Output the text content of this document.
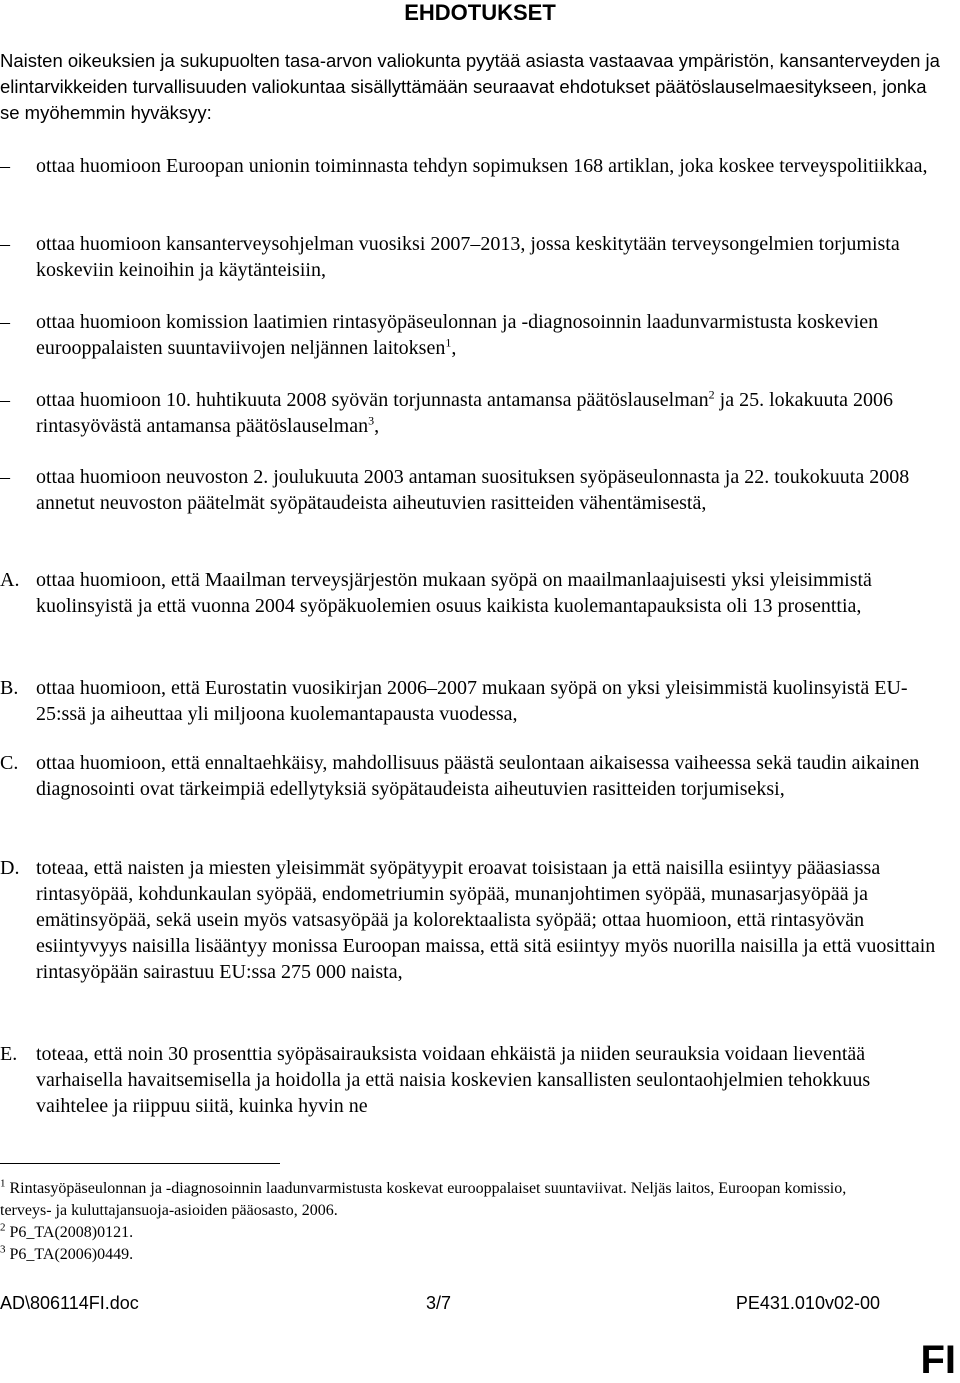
EHDOTUKSET
Naisten oikeuksien ja sukupuolten tasa-arvon valiokunta pyytää asiasta vastaavaa ympäristön, kansanterveyden ja elintarvikkeiden turvallisuuden valiokuntaa sisällyttämään seuraavat ehdotukset päätöslauselmaesitykseen, jonka se myöhemmin hyväksyy:
– ottaa huomioon Euroopan unionin toiminnasta tehdyn sopimuksen 168 artiklan, joka koskee terveyspolitiikkaa,
– ottaa huomioon kansanterveysohjelman vuosiksi 2007–2013, jossa keskitytään terveysongelmien torjumista koskeviin keinoihin ja käytänteisiin,
– ottaa huomioon komission laatimien rintasyöpäseulonnan ja -diagnosoinnin laadunvarmistusta koskevien eurooppalaisten suuntaviivojen neljännen laitoksen$^1$,
– ottaa huomioon 10. huhtikuuta 2008 syövän torjunnasta antamansa päätöslauselman$^2$ ja 25. lokakuuta 2006 rintasyövästä antamansa päätöslauselman$^3$,
– ottaa huomioon neuvoston 2. joulukuuta 2003 antaman suosituksen syöpäseulonnasta ja 22. toukokuuta 2008 annetut neuvoston päätelmät syöpätaudeista aiheutuvien rasitteiden vähentämisestä,
A. ottaa huomioon, että Maailman terveysjärjestön mukaan syöpä on maailmanlaajuisesti yksi yleisimmistä kuolinsyistä ja että vuonna 2004 syöpäkuolemien osuus kaikista kuolemantapauksista oli 13 prosenttia,
B. ottaa huomioon, että Eurostatin vuosikirjan 2006–2007 mukaan syöpä on yksi yleisimmistä kuolinsyistä EU-25:ssä ja aiheuttaa yli miljoona kuolemantapausta vuodessa,
C. ottaa huomioon, että ennaltaehkäisy, mahdollisuus päästä seulontaan aikaisessa vaiheessa sekä taudin aikainen diagnosointi ovat tärkeimpiä edellytyksiä syöpätaudeista aiheutuvien rasitteiden torjumiseksi,
D. toteaa, että naisten ja miesten yleisimmät syöpätyypit eroavat toisistaan ja että naisilla esiintyy pääasiassa rintasyöpää, kohdunkaulan syöpää, endometriumin syöpää, munanjohtimen syöpää, munasarjasyöpää ja emätinsyöpää, sekä usein myös vatsasyöpää ja kolorektaalista syöpää; ottaa huomioon, että rintasyövän esiintyvyys naisilla lisääntyy monissa Euroopan maissa, että sitä esiintyy myös nuorilla naisilla ja että vuosittain rintasyöpään sairastuu EU:ssa 275 000 naista,
E. toteaa, että noin 30 prosenttia syöpäsairauksista voidaan ehkäistä ja niiden seurauksia voidaan lieventää varhaisella havaitsemisella ja hoidolla ja että naisia koskevien kansallisten seulontaohjelmien tehokkuus vaihtelee ja riippuu siitä, kuinka hyvin ne
$^1$ Rintasyöpäseulonnan ja -diagnosoinnin laadunvarmistusta koskevat eurooppalaiset suuntaviivat. Neljäs laitos, Euroopan komissio, terveys- ja kuluttajansuoja-asioiden pääosasto, 2006.
$^2$ P6_TA(2008)0121.
$^3$ P6_TA(2006)0449.
AD\806114FI.doc	3/7	PE431.010v02-00
FI
